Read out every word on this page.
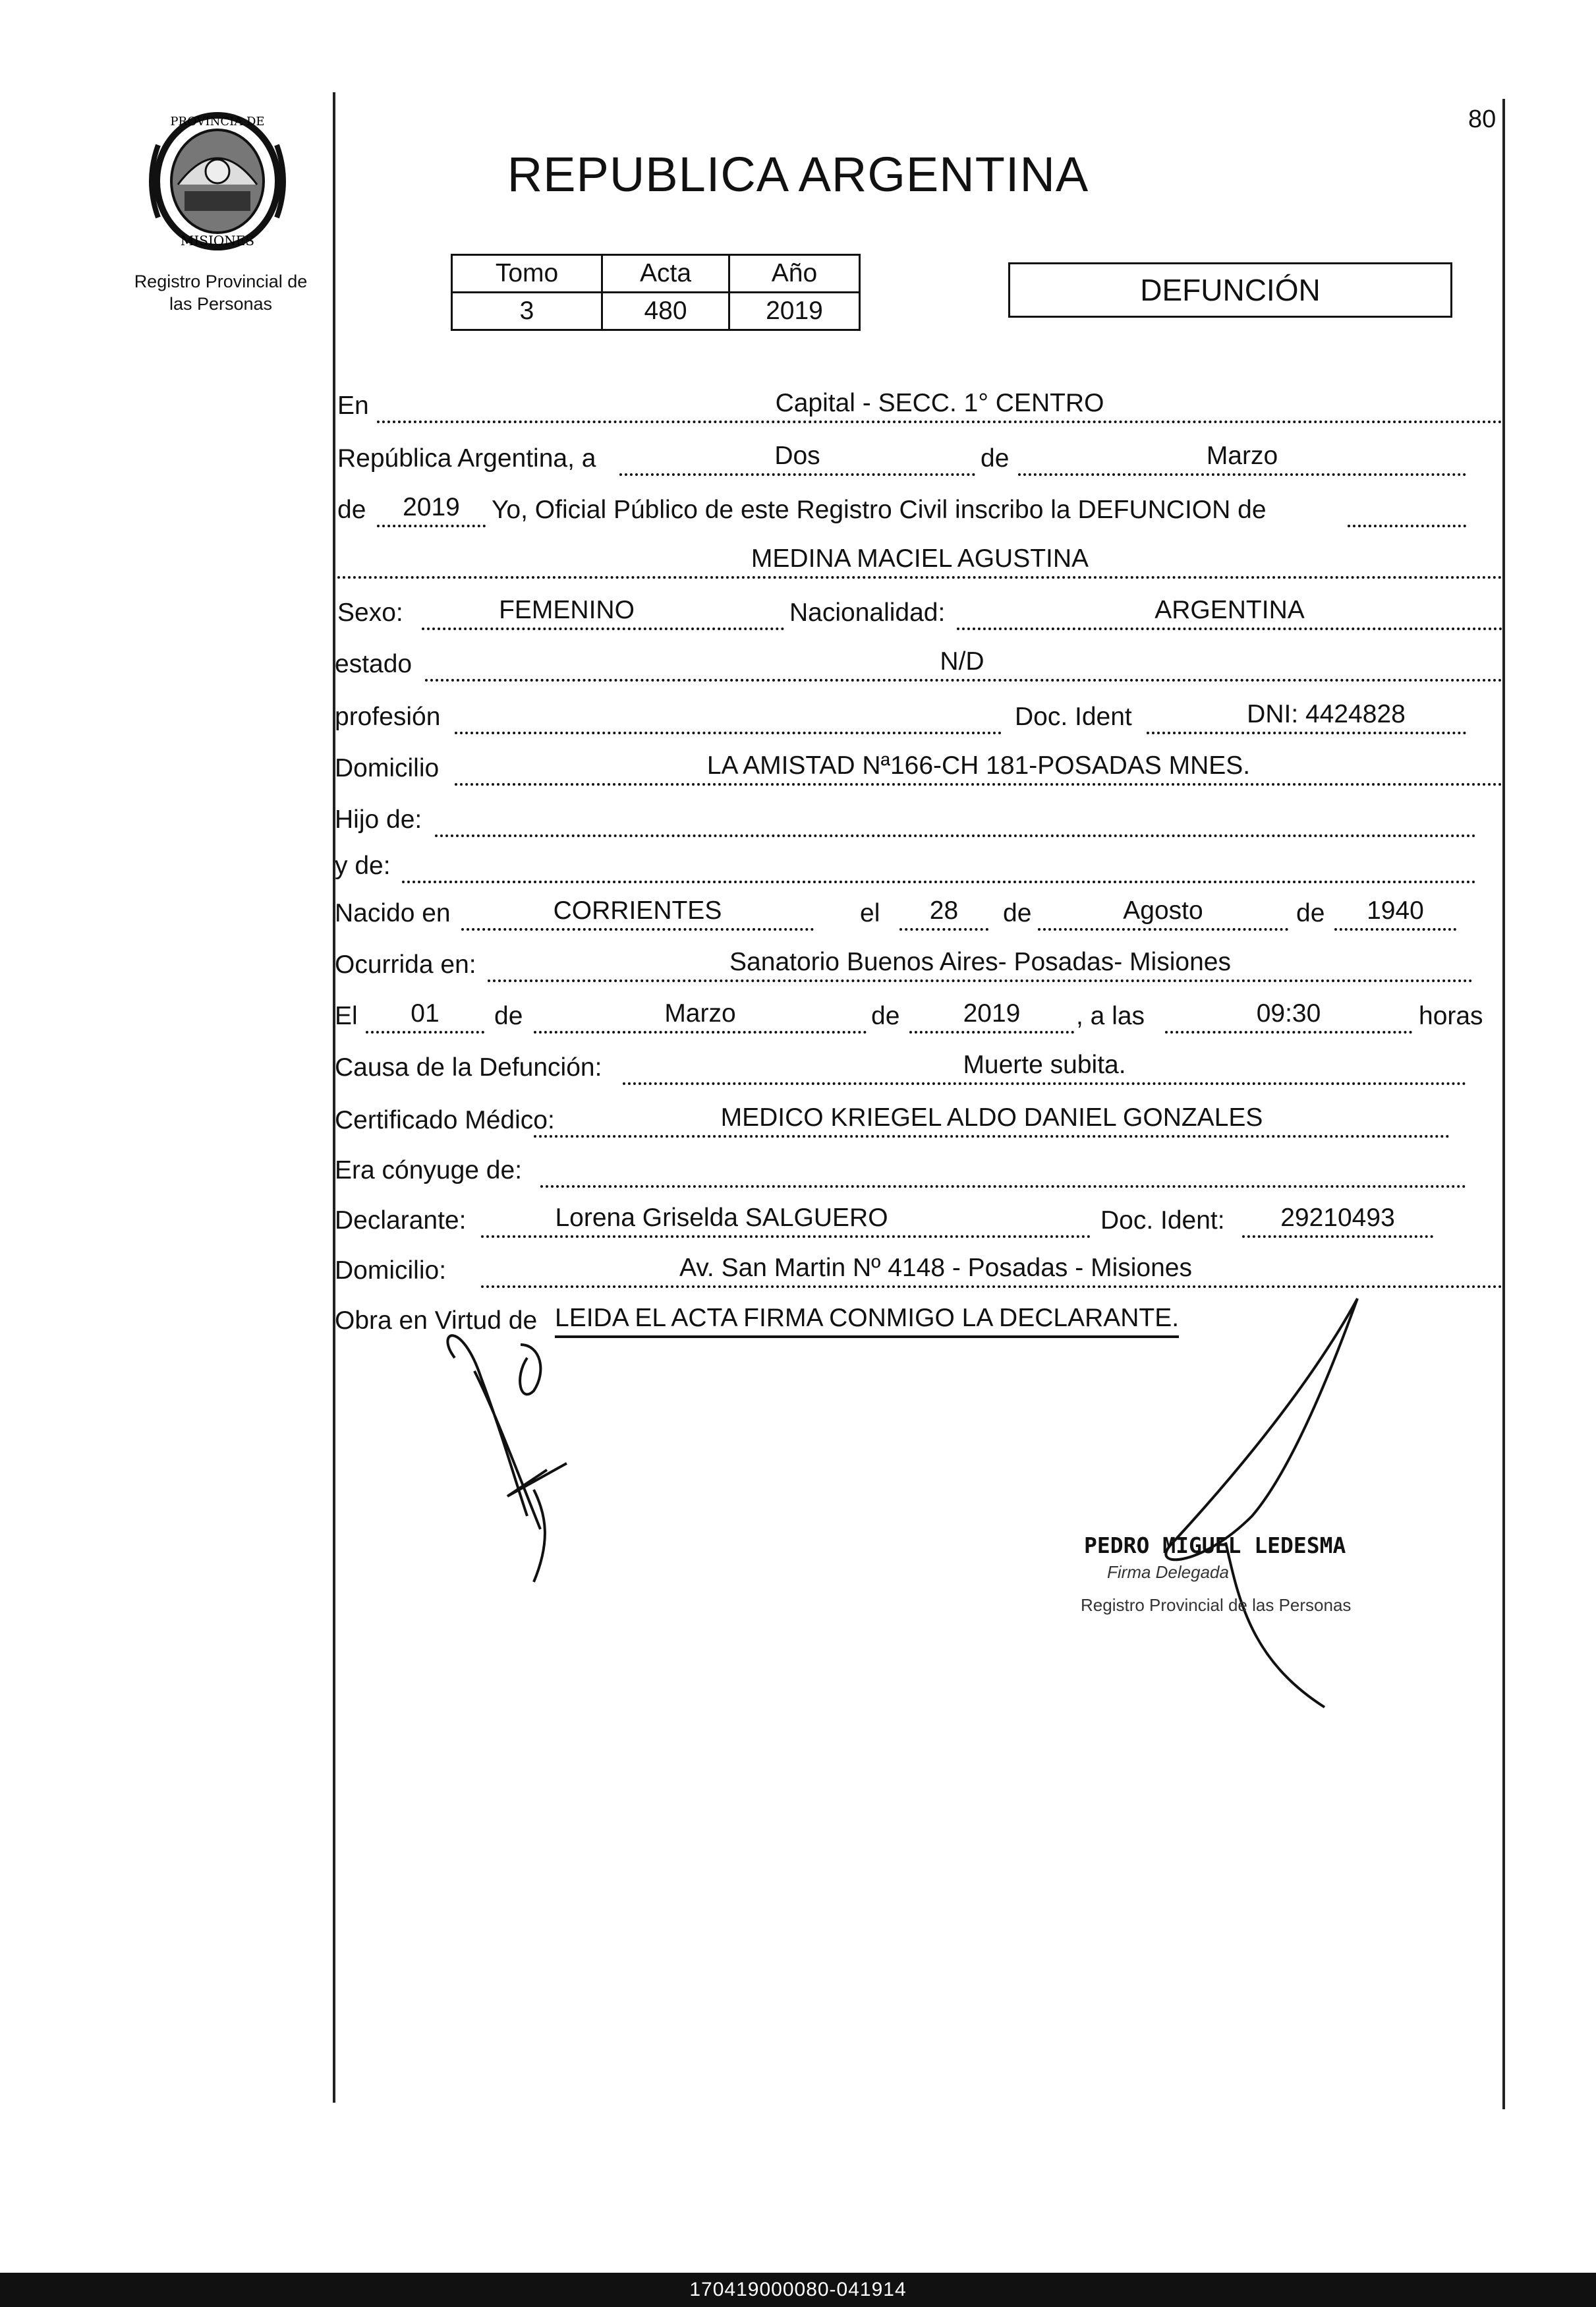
PROVINCIA DE
MISIONES
Registro Provincial de
las Personas
80
REPUBLICA ARGENTINA
Tomo	Acta	Año
3	480	2019
DEFUNCIÓN
En	Capital - SECC. 1° CENTRO
República Argentina, a	Dos	de	Marzo
de	2019	Yo, Oficial Público de este Registro Civil inscribo la DEFUNCION de
MEDINA MACIEL AGUSTINA
Sexo:	FEMENINO	Nacionalidad:	ARGENTINA
estado	N/D
profesión	Doc. Ident	DNI: 4424828
Domicilio	LA AMISTAD Nª166-CH 181-POSADAS MNES.
Hijo de:
y de:
Nacido en	CORRIENTES	el	28	de	Agosto	de	1940
Ocurrida en:	Sanatorio Buenos Aires- Posadas- Misiones
El	01	de	Marzo	de	2019	, a las	09:30	horas
Causa de la Defunción:	Muerte subita.
Certificado Médico:	MEDICO KRIEGEL ALDO DANIEL GONZALES
Era cónyuge de:
Declarante:	Lorena Griselda SALGUERO	Doc. Ident:	29210493
Domicilio:	Av. San Martin Nº 4148 - Posadas - Misiones
Obra en Virtud de LEIDA EL ACTA FIRMA CONMIGO LA DECLARANTE.
PEDRO MIGUEL LEDESMA
Firma Delegada
Registro Provincial de las Personas
170419000080-041914
